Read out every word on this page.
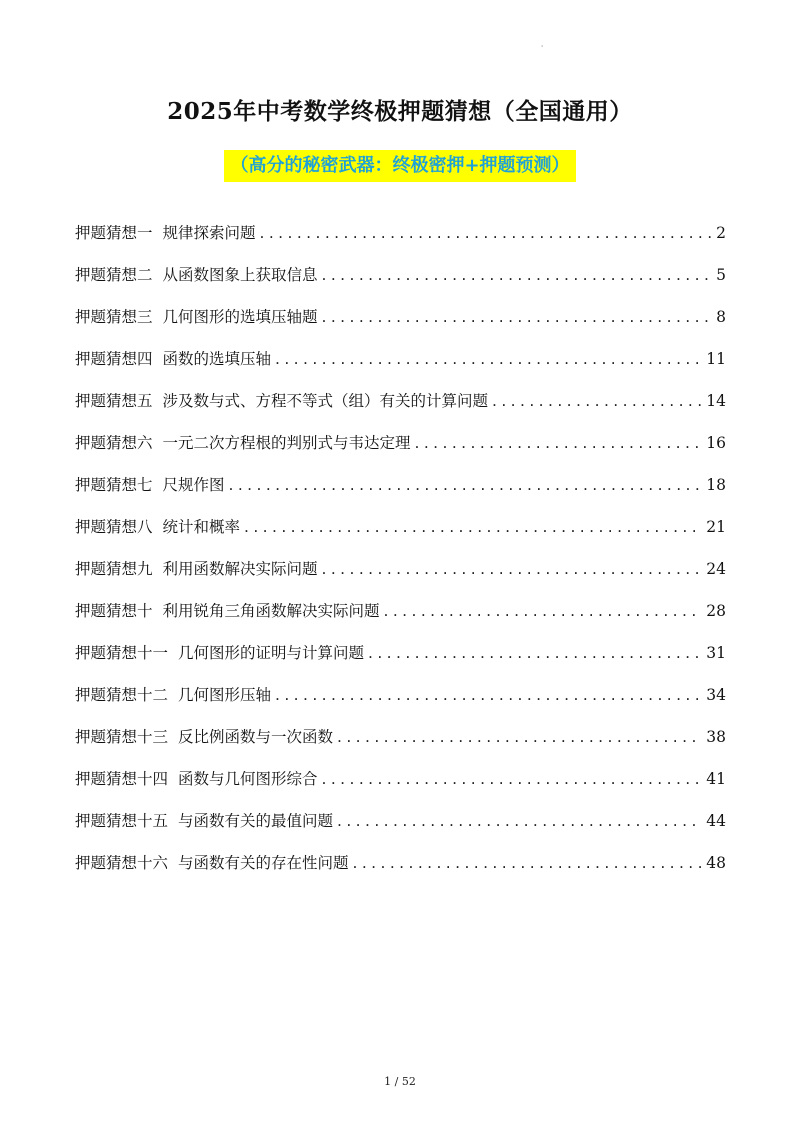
'
2025年中考数学终极押题猜想（全国通用）
（高分的秘密武器：终极密押+押题预测）
押题猜想一 规律探索问题 .....	2
押题猜想二 从函数图象上获取信息 .....	5
押题猜想三 几何图形的选填压轴题 .....	8
押题猜想四 函数的选填压轴 .....	11
押题猜想五 涉及数与式、方程不等式（组）有关的计算问题 .....	14
押题猜想六 一元二次方程根的判别式与韦达定理 .....	16
押题猜想七 尺规作图 .....	18
押题猜想八 统计和概率 .....	21
押题猜想九 利用函数解决实际问题 .....	24
押题猜想十 利用锐角三角函数解决实际问题 .....	28
押题猜想十一 几何图形的证明与计算问题 .....	31
押题猜想十二 几何图形压轴 .....	34
押题猜想十三 反比例函数与一次函数 .....	38
押题猜想十四 函数与几何图形综合 .....	41
押题猜想十五 与函数有关的最值问题 .....	44
押题猜想十六 与函数有关的存在性问题 .....	48
1 / 52
